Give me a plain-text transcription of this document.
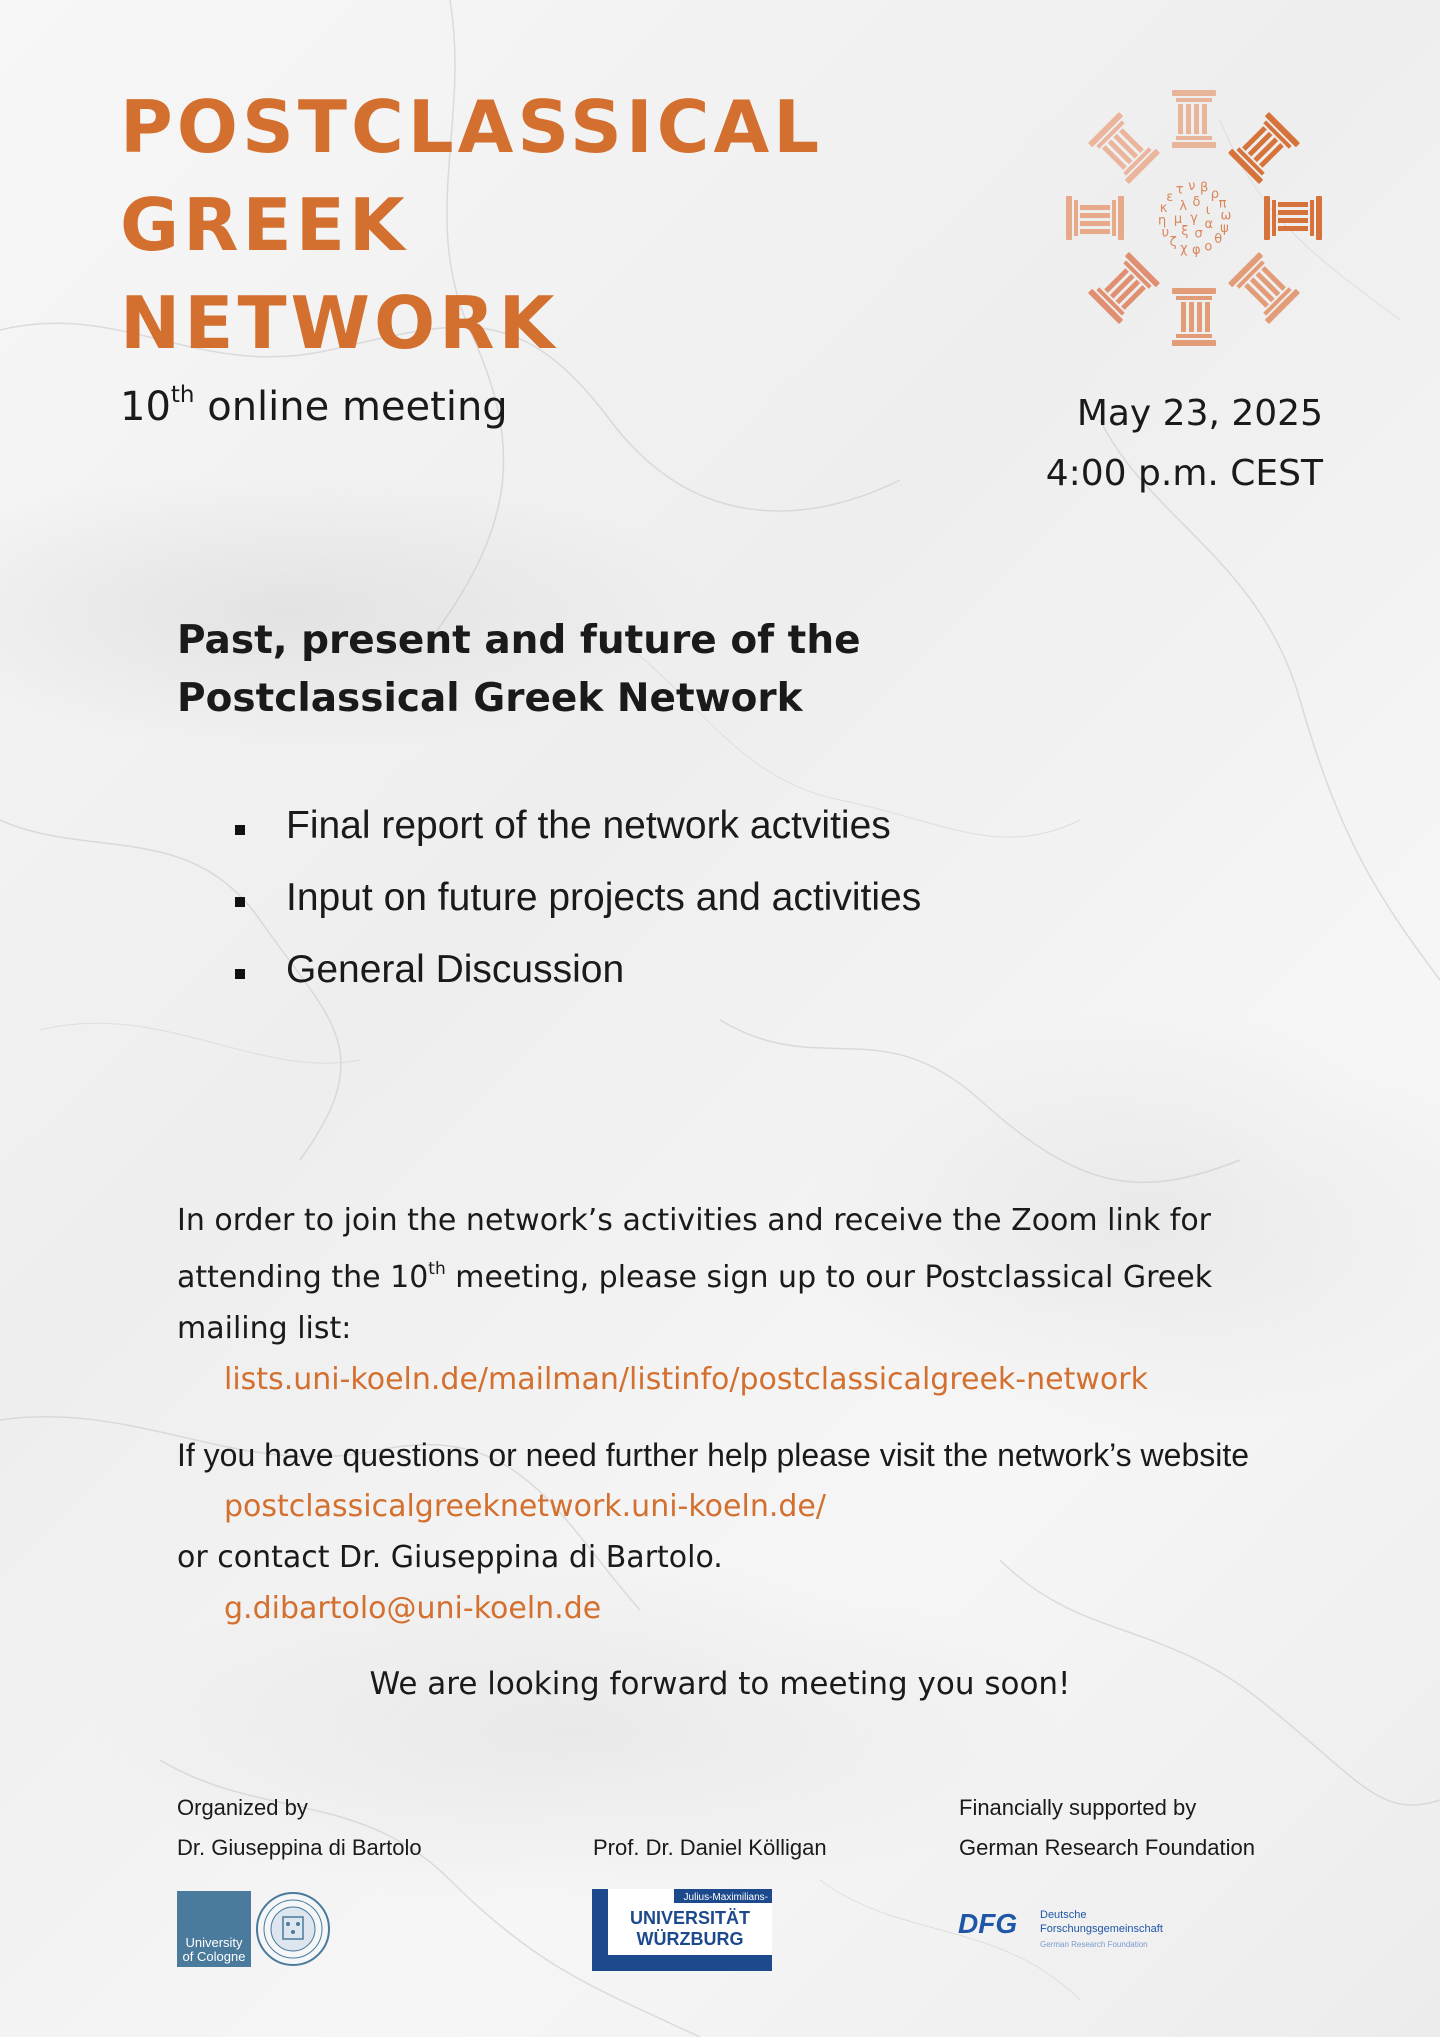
POSTCLASSICAL
GREEK
NETWORK
γ
δ
ι
α
σ
ξ
μ
λ
β ρ
π
ω
ψ
θ
ο
φ
χ
ζ
υ
η
κ
ε
τ ν
10th online meeting	May 23, 2025
4:00 p.m. CEST
Past, present and future of the
Postclassical Greek Network
Final report of the network actvities
Input on future projects and activities
General Discussion
In order to join the network’s activities and receive the Zoom link for
attending the 10th meeting, please sign up to our Postclassical Greek
mailing list:
lists.uni-koeln.de/mailman/listinfo/postclassicalgreek-network
If you have questions or need further help please visit the network’s website
postclassicalgreeknetwork.uni-koeln.de/
or contact Dr. Giuseppina di Bartolo.
g.dibartolo@uni-koeln.de
We are looking forward to meeting you soon!
Organized by
Dr. Giuseppina di Bartolo	Prof. Dr. Daniel Kölligan
Financially supported by
German Research Foundation
University
of Cologne
Julius-Maximilians-
UNIVERSITÄT
WÜRZBURG	DFG Deutsche
Forschungsgemeinschaft
German Research Foundation
